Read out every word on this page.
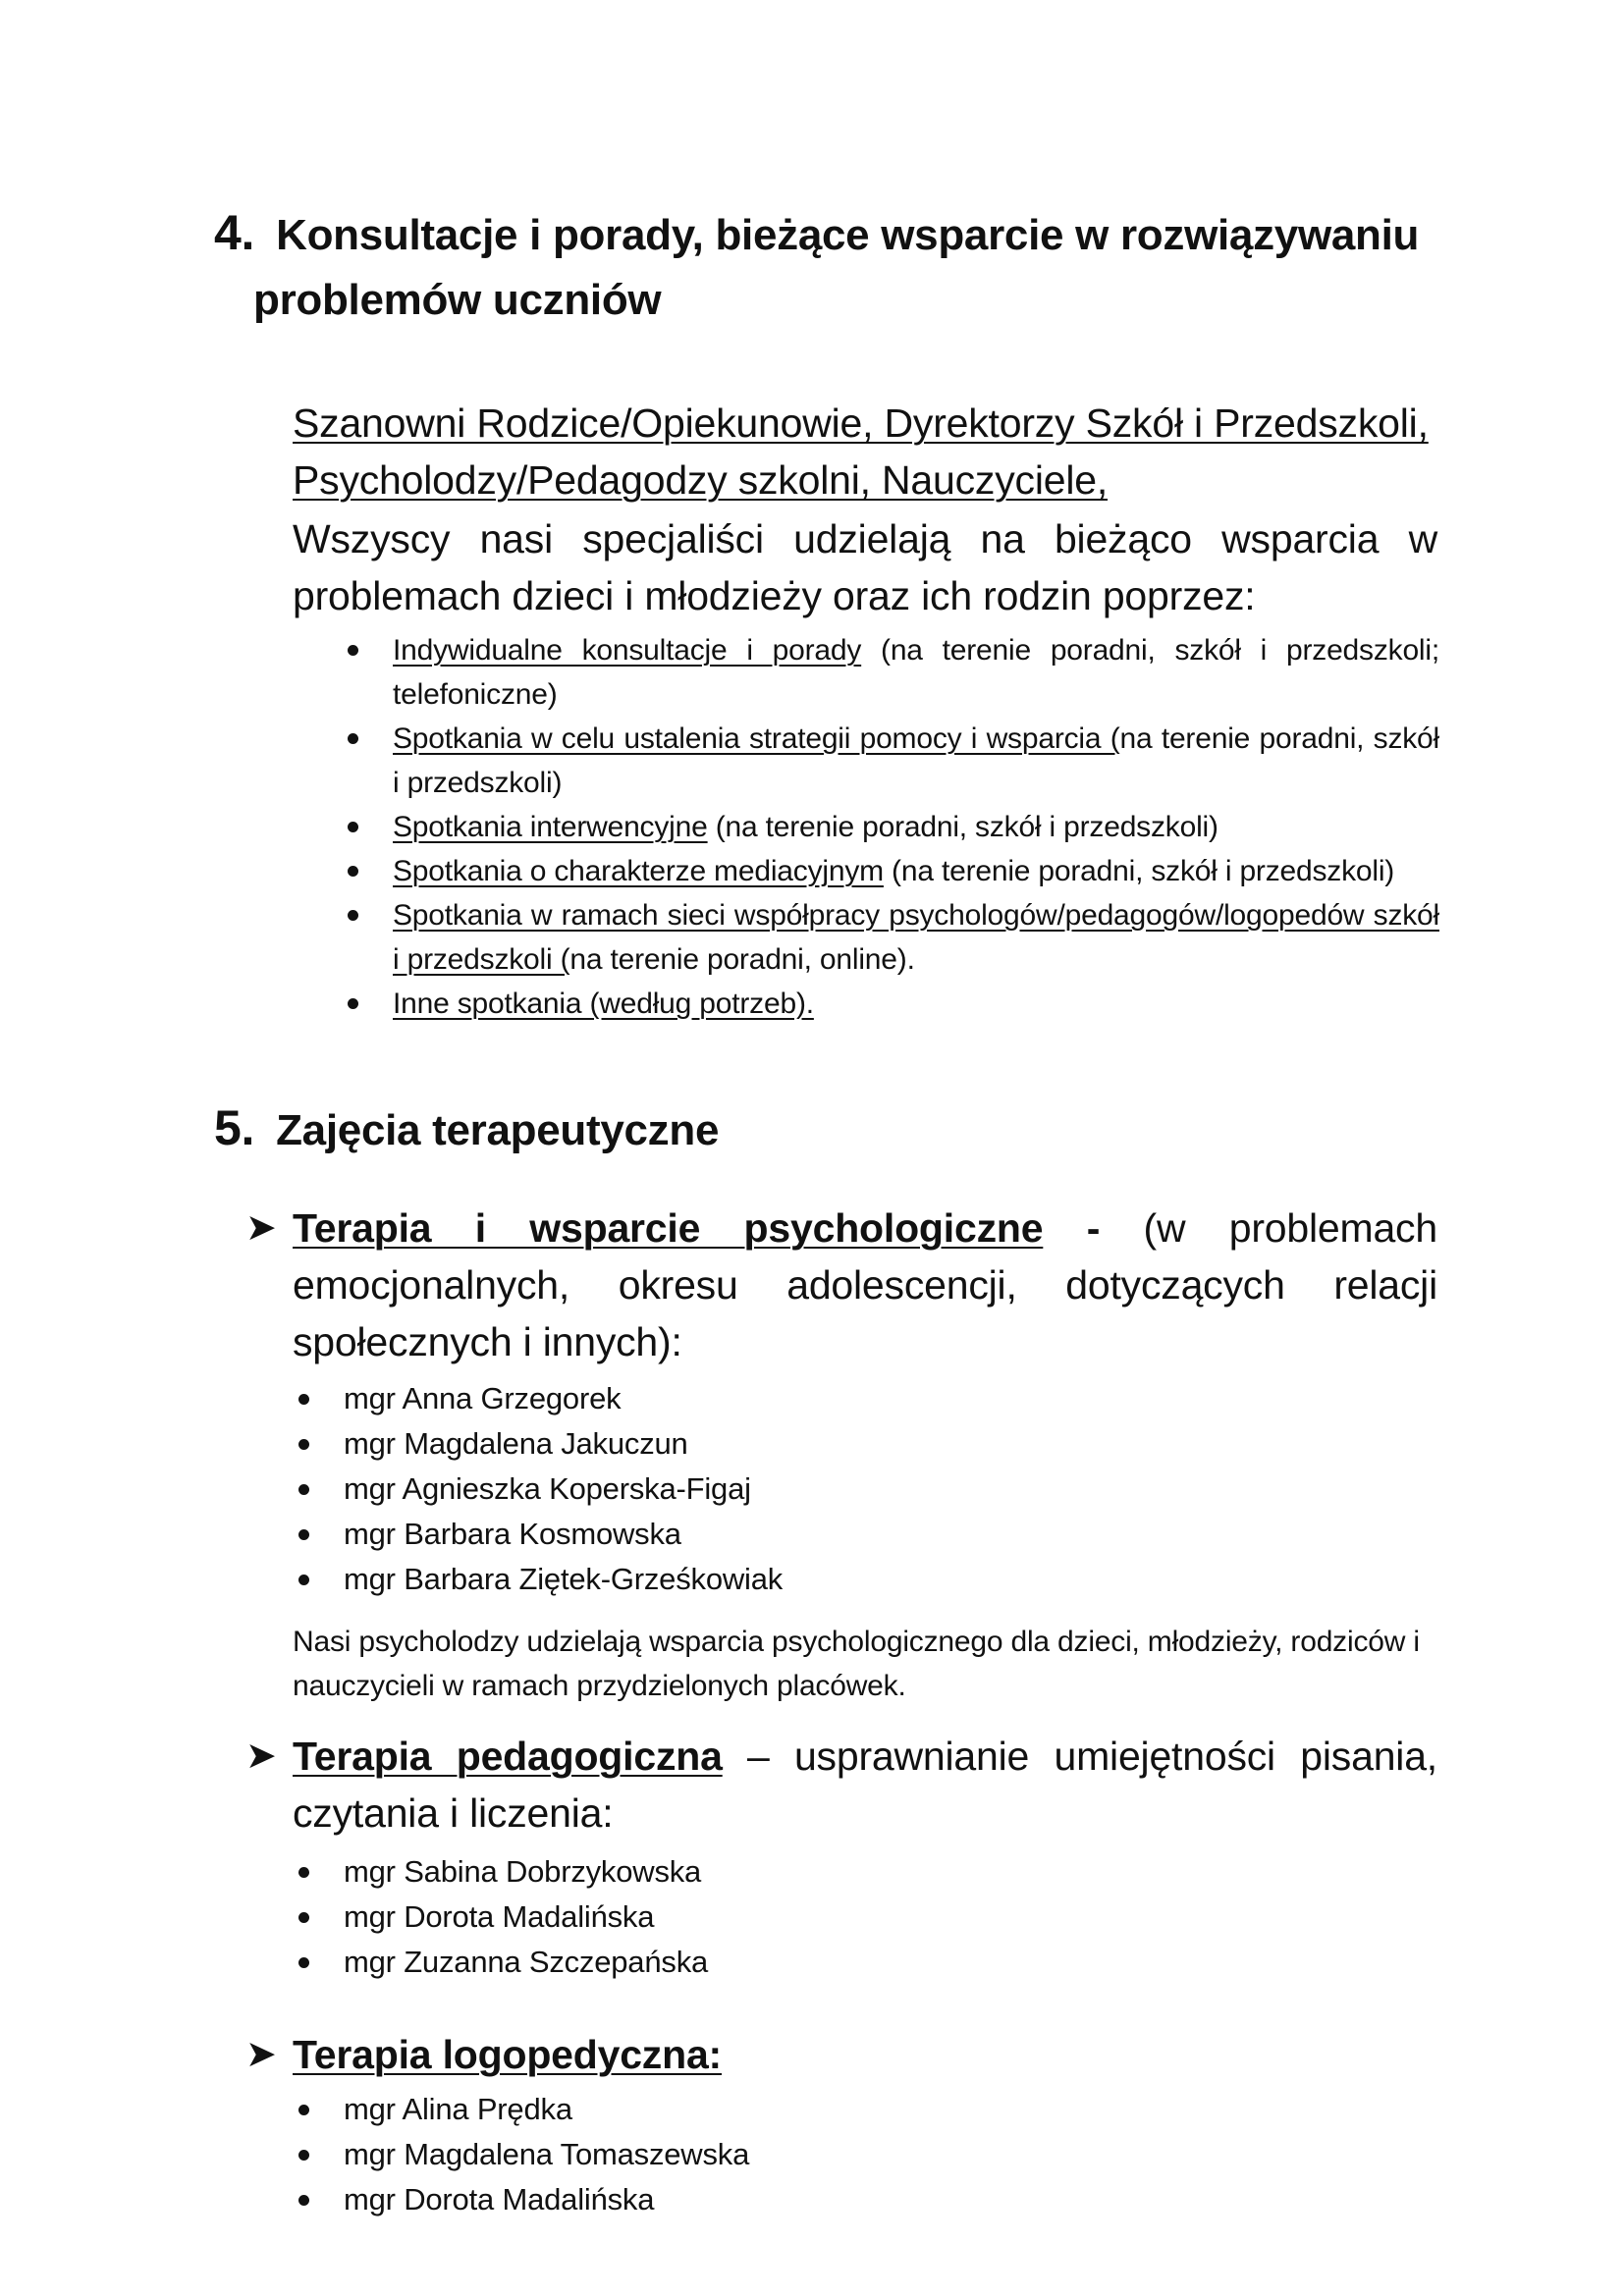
4. Konsultacje i porady, bieżące wsparcie w rozwiązywaniu
problemów uczniów
Szanowni Rodzice/Opiekunowie, Dyrektorzy Szkół i Przedszkoli, Psycholodzy/Pedagodzy szkolni, Nauczyciele,
Wszyscy nasi specjaliści udzielają na bieżąco wsparcia w problemach dzieci i młodzieży oraz ich rodzin poprzez:
Indywidualne konsultacje i porady (na terenie poradni, szkół i przedszkoli; telefoniczne)
Spotkania w celu ustalenia strategii pomocy i wsparcia (na terenie poradni, szkół i przedszkoli)
Spotkania interwencyjne (na terenie poradni, szkół i przedszkoli)
Spotkania o charakterze mediacyjnym (na terenie poradni, szkół i przedszkoli)
Spotkania w ramach sieci współpracy psychologów/pedagogów/logopedów szkół i przedszkoli (na terenie poradni, online).
Inne spotkania (według potrzeb).
5. Zajęcia terapeutyczne
➤ Terapia i wsparcie psychologiczne - (w problemach emocjonalnych, okresu adolescencji, dotyczących relacji społecznych i innych):
mgr Anna Grzegorek
mgr Magdalena Jakuczun
mgr Agnieszka Koperska-Figaj
mgr Barbara Kosmowska
mgr Barbara Ziętek-Grześkowiak
Nasi psycholodzy udzielają wsparcia psychologicznego dla dzieci, młodzieży, rodziców i nauczycieli w ramach przydzielonych placówek.
➤ Terapia pedagogiczna – usprawnianie umiejętności pisania, czytania i liczenia:
mgr Sabina Dobrzykowska
mgr Dorota Madalińska
mgr Zuzanna Szczepańska
➤ Terapia logopedyczna:
mgr Alina Prędka
mgr Magdalena Tomaszewska
mgr Dorota Madalińska
